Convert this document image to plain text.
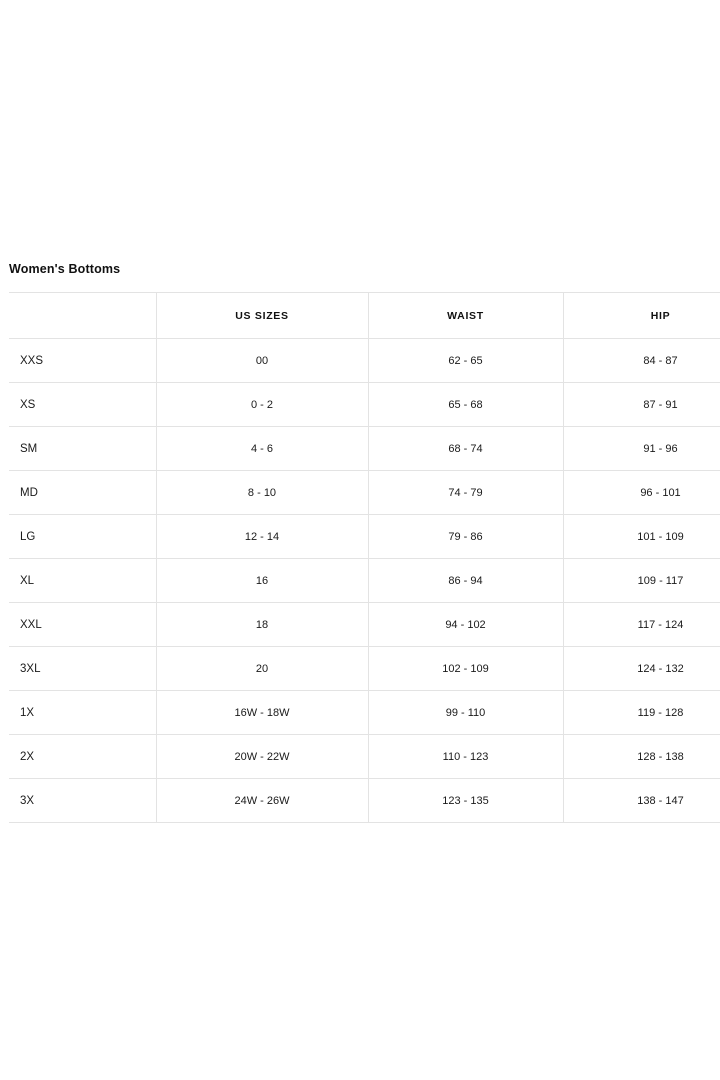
Women's Bottoms
	US SIZES	WAIST	HIP	
XXS	00	62 - 65	84 - 87	
XS	0 - 2	65 - 68	87 - 91	
SM	4 - 6	68 - 74	91 - 96	
MD	8 - 10	74 - 79	96 - 101	
LG	12 - 14	79 - 86	101 - 109	
XL	16	86 - 94	109 - 117	
XXL	18	94 - 102	117 - 124	
3XL	20	102 - 109	124 - 132	
1X	16W - 18W	99 - 110	119 - 128	
2X	20W - 22W	110 - 123	128 - 138	
3X	24W - 26W	123 - 135	138 - 147	
